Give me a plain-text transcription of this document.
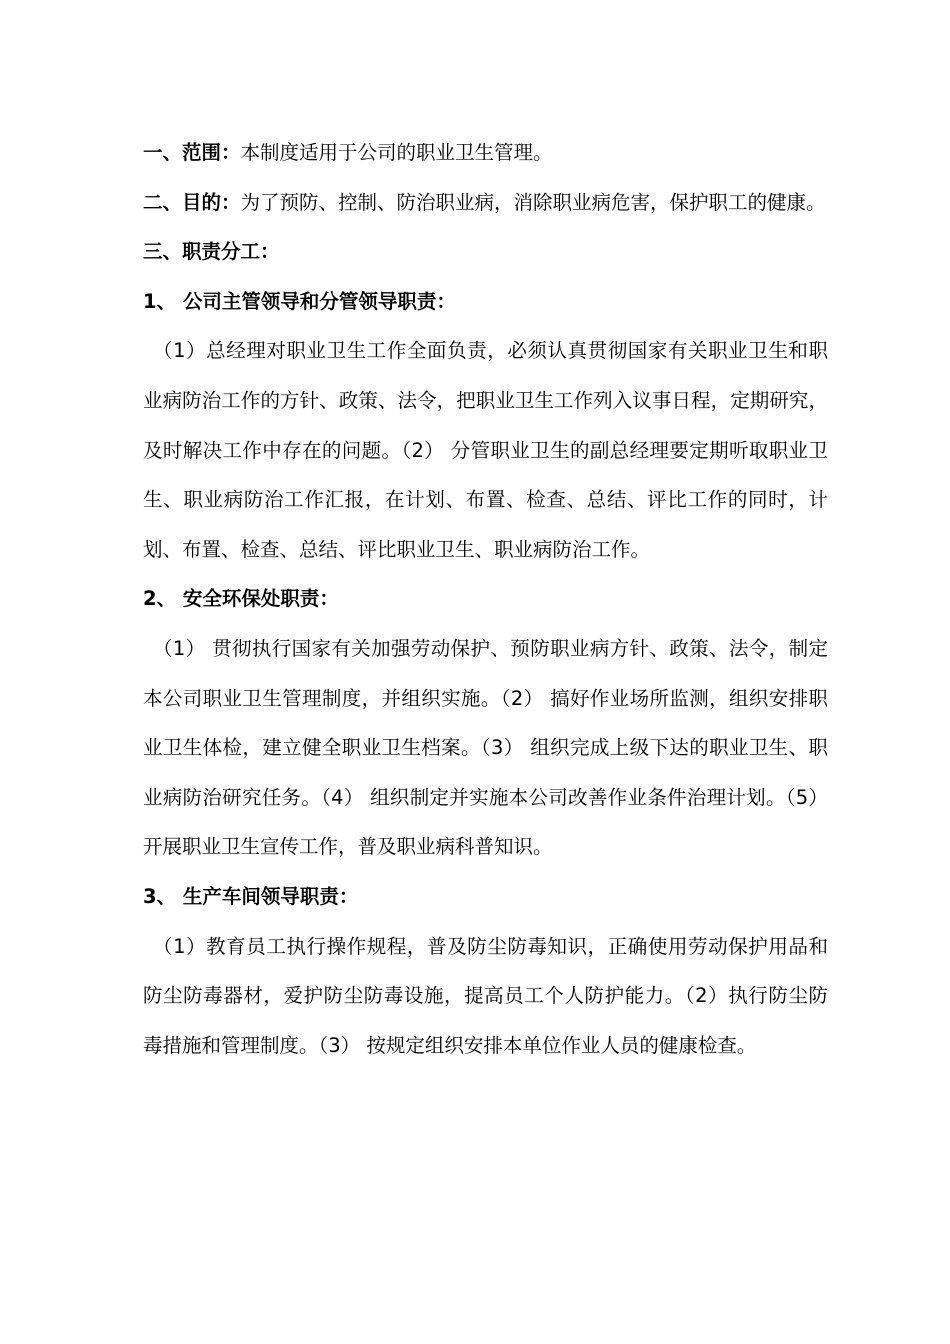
一、范围：本制度适用于公司的职业卫生管理。

二、目的：为了预防、控制、防治职业病，消除职业病危害，保护职工的健康。

三、职责分工：

1、 公司主管领导和分管领导职责：

（1）总经理对职业卫生工作全面负责，必须认真贯彻国家有关职业卫生和职业病防治工作的方针、政策、法令，把职业卫生工作列入议事日程，定期研究，及时解决工作中存在的问题。（2） 分管职业卫生的副总经理要定期听取职业卫生、职业病防治工作汇报，在计划、布置、检查、总结、评比工作的同时，计划、布置、检查、总结、评比职业卫生、职业病防治工作。

2、 安全环保处职责：

（1） 贯彻执行国家有关加强劳动保护、预防职业病方针、政策、法令，制定本公司职业卫生管理制度，并组织实施。（2） 搞好作业场所监测，组织安排职业卫生体检，建立健全职业卫生档案。（3） 组织完成上级下达的职业卫生、职业病防治研究任务。（4） 组织制定并实施本公司改善作业条件治理计划。（5） 开展职业卫生宣传工作，普及职业病科普知识。

3、 生产车间领导职责：

（1）教育员工执行操作规程，普及防尘防毒知识，正确使用劳动保护用品和防尘防毒器材，爱护防尘防毒设施，提高员工个人防护能力。（2）执行防尘防毒措施和管理制度。（3） 按规定组织安排本单位作业人员的健康检查。
